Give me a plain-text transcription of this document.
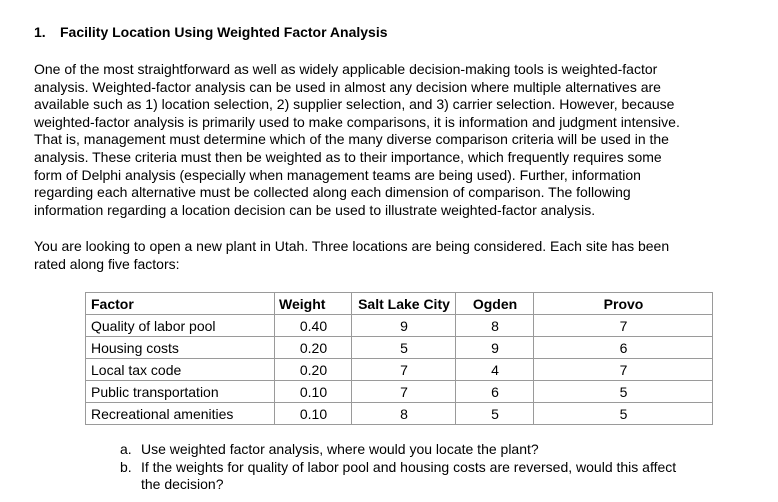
1. Facility Location Using Weighted Factor Analysis

One of the most straightforward as well as widely applicable decision-making tools is weighted-factor
analysis. Weighted-factor analysis can be used in almost any decision where multiple alternatives are
available such as 1) location selection, 2) supplier selection, and 3) carrier selection. However, because
weighted-factor analysis is primarily used to make comparisons, it is information and judgment intensive.
That is, management must determine which of the many diverse comparison criteria will be used in the
analysis. These criteria must then be weighted as to their importance, which frequently requires some
form of Delphi analysis (especially when management teams are being used). Further, information
regarding each alternative must be collected along each dimension of comparison. The following
information regarding a location decision can be used to illustrate weighted-factor analysis.

You are looking to open a new plant in Utah. Three locations are being considered. Each site has been
rated along five factors:

Factor	Weight	Salt Lake City	Ogden	Provo
Quality of labor pool	0.40	9	8	7
Housing costs	0.20	5	9	6
Local tax code	0.20	7	4	7
Public transportation	0.10	7	6	5
Recreational amenities	0.10	8	5	5
a. Use weighted factor analysis, where would you locate the plant?
b. If the weights for quality of labor pool and housing costs are reversed, would this affect
the decision?
